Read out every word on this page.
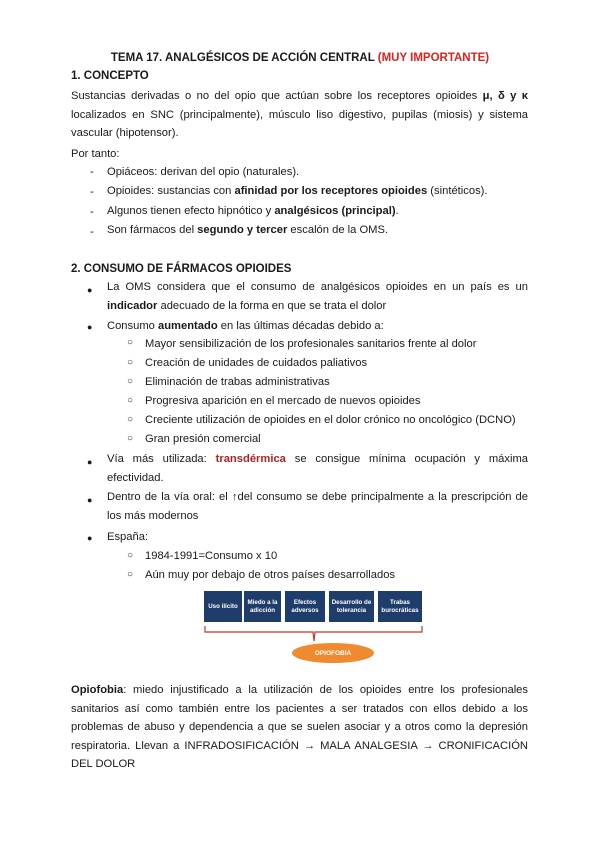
TEMA 17. ANALGÉSICOS DE ACCIÓN CENTRAL (MUY IMPORTANTE)
1. CONCEPTO
Sustancias derivadas o no del opio que actúan sobre los receptores opioides μ, δ y κ localizados en SNC (principalmente), músculo liso digestivo, pupilas (miosis) y sistema vascular (hipotensor).
Por tanto:
- Opiáceos: derivan del opio (naturales).
- Opioides: sustancias con afinidad por los receptores opioides (sintéticos).
- Algunos tienen efecto hipnótico y analgésicos (principal).
- Son fármacos del segundo y tercer escalón de la OMS.
2. CONSUMO DE FÁRMACOS OPIOIDES
● La OMS considera que el consumo de analgésicos opioides en un país es un indicador adecuado de la forma en que se trata el dolor
● Consumo aumentado en las últimas décadas debido a:
○ Mayor sensibilización de los profesionales sanitarios frente al dolor
○ Creación de unidades de cuidados paliativos
○ Eliminación de trabas administrativas
○ Progresiva aparición en el mercado de nuevos opioides
○ Creciente utilización de opioides en el dolor crónico no oncológico (DCNO)
○ Gran presión comercial
● Vía más utilizada: transdérmica se consigue mínima ocupación y máxima efectividad.
● Dentro de la vía oral: el ↑del consumo se debe principalmente a la prescripción de los más modernos
● España:
○ 1984-1991=Consumo x 10
○ Aún muy por debajo de otros países desarrollados
Uso ilícito
Miedo a la adicción
Efectos adversos
Desarrollo de tolerancia
Trabas burocráticas
OPIOFOBIA
Opiofobia: miedo injustificado a la utilización de los opioides entre los profesionales sanitarios así como también entre los pacientes a ser tratados con ellos debido a los problemas de abuso y dependencia a que se suelen asociar y a otros como la depresión respiratoria. Llevan a INFRADOSIFICACIÓN → MALA ANALGESIA → CRONIFICACIÓN DEL DOLOR
